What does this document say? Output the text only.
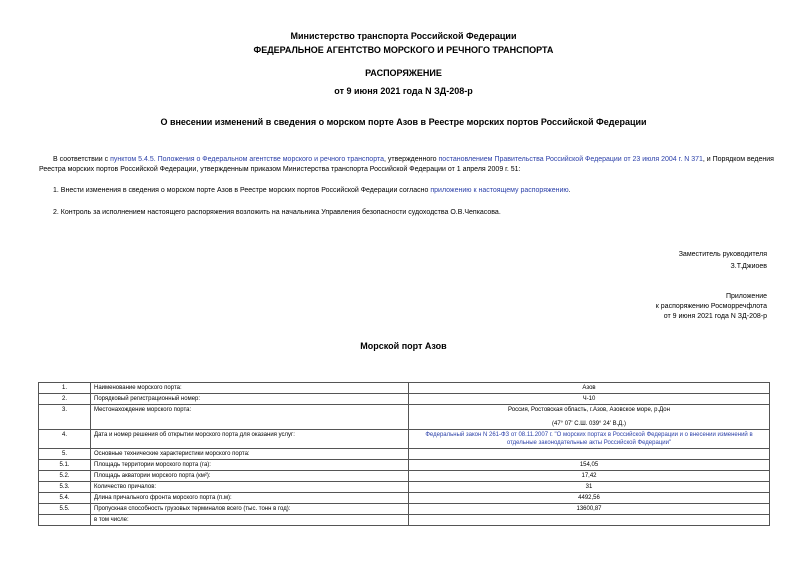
Министерство транспорта Российской Федерации
ФЕДЕРАЛЬНОЕ АГЕНТСТВО МОРСКОГО И РЕЧНОГО ТРАНСПОРТА
РАСПОРЯЖЕНИЕ
от 9 июня 2021 года N ЗД-208-р
О внесении изменений в сведения о морском порте Азов в Реестре морских портов Российской Федерации
В соответствии с пунктом 5.4.5. Положения о Федеральном агентстве морского и речного транспорта, утвержденного постановлением Правительства Российской Федерации от 23 июля 2004 г. N 371, и Порядком ведения Реестра морских портов Российской Федерации, утвержденным приказом Министерства транспорта Российской Федерации от 1 апреля 2009 г. 51:
1. Внести изменения в сведения о морском порте Азов в Реестре морских портов Российской Федерации согласно приложению к настоящему распоряжению.
2. Контроль за исполнением настоящего распоряжения возложить на начальника Управления безопасности судоходства О.В.Чепкасова.
Заместитель руководителя
З.Т.Джиоев
Приложение
к распоряжению Росморречфлота
от 9 июня 2021 года N ЗД-208-р
Морской порт Азов
1.	Наименование морского порта:	Азов
2.	Порядковый регистрационный номер:	Ч-10
3.	Местонахождение морского порта:	Россия, Ростовская область, г.Азов, Азовское море, р.Дон
(47° 07' С.Ш. 039° 24' В.Д.)

4.	Дата и номер решения об открытии морского порта для оказания услуг:	Федеральный закон N 261-ФЗ от 08.11.2007 г. "О морских портах в Российской Федерации и о внесении изменений в отдельные законодательные акты Российской Федерации"
5.	Основные технические характеристики морского порта:	
5.1.	Площадь территории морского порта (га):	154,05
5.2.	Площадь акватории морского порта (км²):	17,42
5.3.	Количество причалов:	31
5.4.	Длина причального фронта морского порта (п.м):	4492,56
5.5.	Пропускная способность грузовых терминалов всего (тыс. тонн в год):	13600,87
	в том числе:	
